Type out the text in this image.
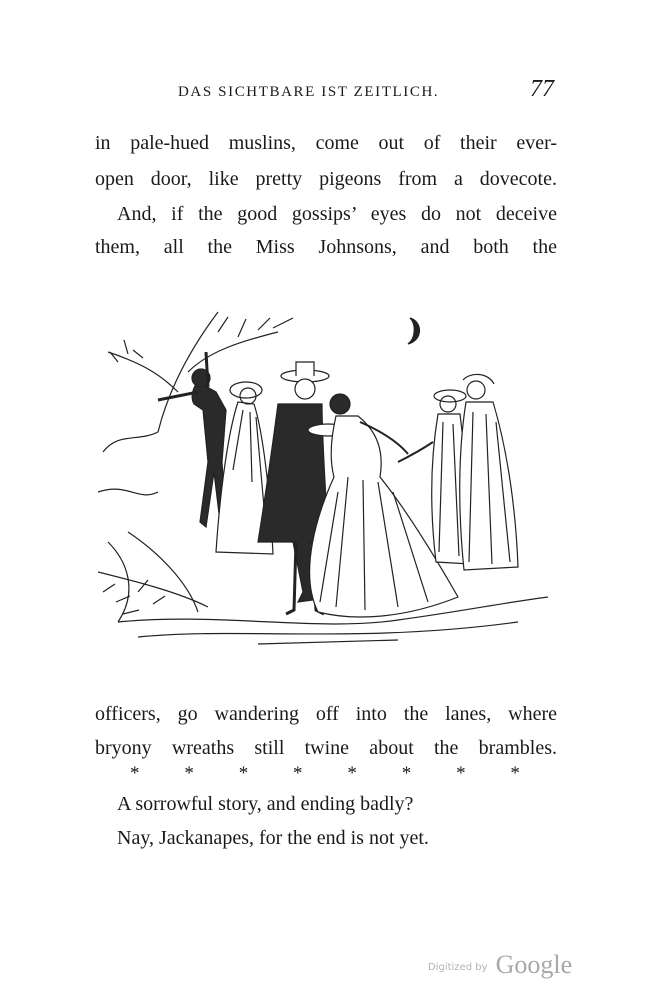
DAS SICHTBARE IST ZEITLICH.	77
in pale-hued muslins, come out of their ever-
open door, like pretty pigeons from a dovecote.
And, if the good gossips’ eyes do not deceive
them, all the Miss Johnsons, and both the
officers, go wandering off into the lanes, where
bryony wreaths still twine about the brambles.
* * * * * * * *
A sorrowful story, and ending badly?
Nay, Jackanapes, for the end is not yet.
Digitized by Google
